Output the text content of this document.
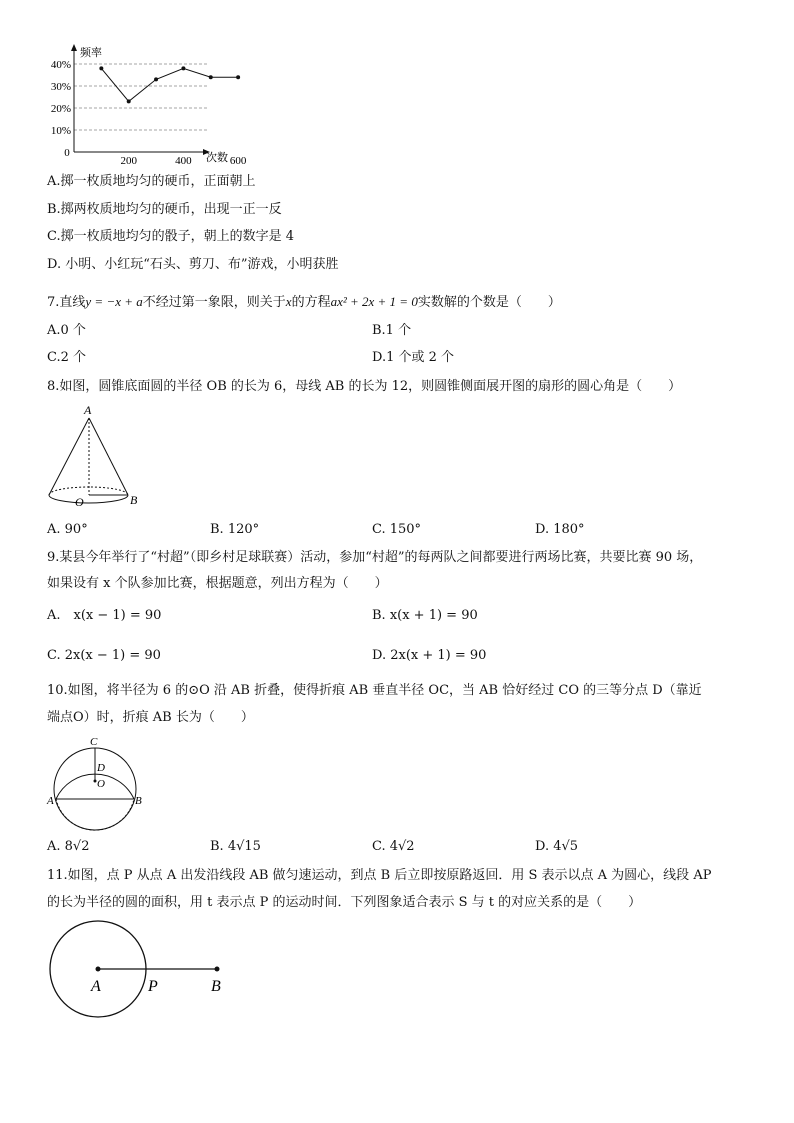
频率
次数
0
10%
20%
30%
40%
200	400	600
A.掷一枚质地均匀的硬币，正面朝上
B.掷两枚质地均匀的硬币，出现一正一反
C.掷一枚质地均匀的骰子，朝上的数字是 4
D. 小明、小红玩“石头、剪刀、布”游戏，小明获胜
7.直线y = −x + a不经过第一象限，则关于x的方程ax² + 2x + 1 = 0实数解的个数是（　　）
A.0 个	B.1 个
C.2 个	D.1 个或 2 个
8.如图，圆锥底面圆的半径 OB 的长为 6，母线 AB 的长为 12，则圆锥侧面展开图的扇形的圆心角是（　　）
A
O	B
A. 90°	B. 120°	C. 150°	D. 180°
9.某县今年举行了“村超”（即乡村足球联赛）活动，参加“村超”的每两队之间都要进行两场比赛，共要比赛 90 场，
如果设有 x 个队参加比赛，根据题意，列出方程为（　　）
A.　x(x − 1) = 90	B. x(x + 1) = 90
C. 2x(x − 1) = 90	D. 2x(x + 1) = 90
10.如图，将半径为 6 的⊙O 沿 AB 折叠，使得折痕 AB 垂直半径 OC，当 AB 恰好经过 CO 的三等分点 D（靠近
端点O）时，折痕 AB 长为（　　）
C
D
O
A	B
A. 8√2	B. 4√15	C. 4√2	D. 4√5
11.如图，点 P 从点 A 出发沿线段 AB 做匀速运动，到点 B 后立即按原路返回．用 S 表示以点 A 为圆心，线段 AP
的长为半径的圆的面积，用 t 表示点 P 的运动时间．下列图象适合表示 S 与 t 的对应关系的是（　　）
A	P	B
